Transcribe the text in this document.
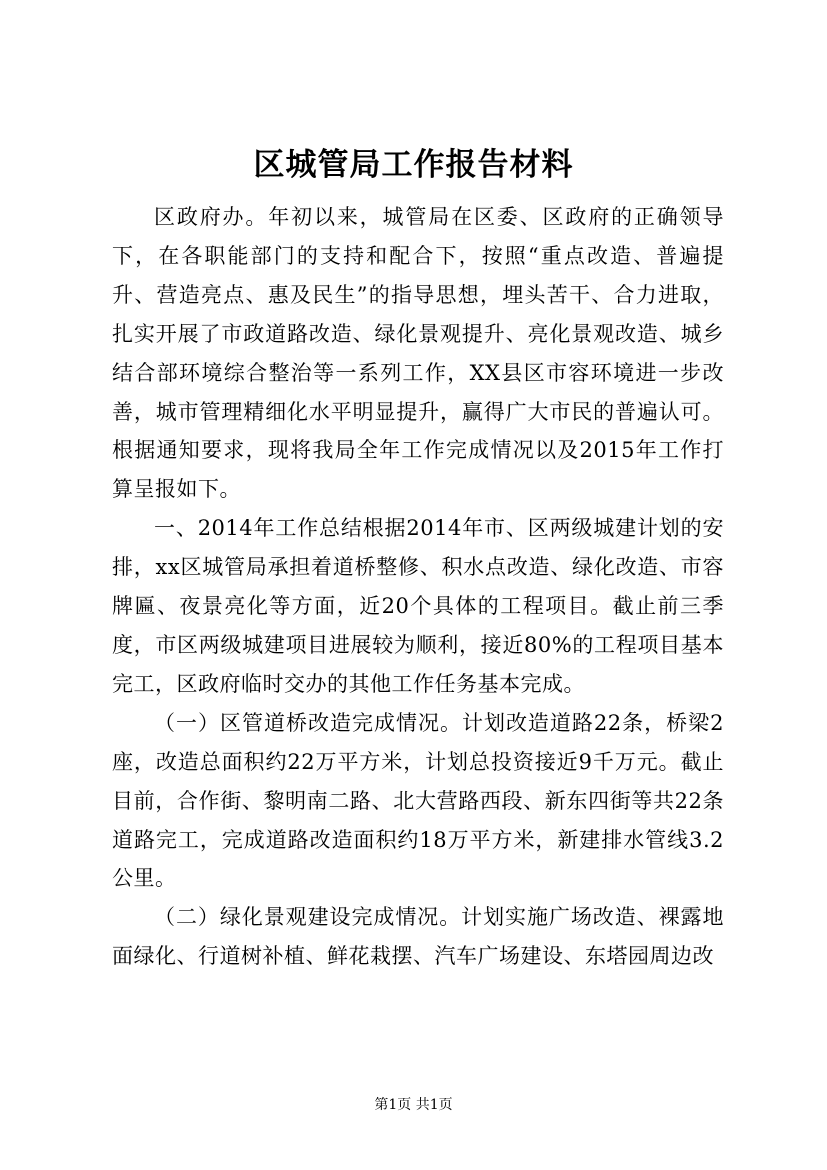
区城管局工作报告材料

区政府办。年初以来，城管局在区委、区政府的正确领导下，在各职能部门的支持和配合下，按照“重点改造、普遍提升、营造亮点、惠及民生”的指导思想，埋头苦干、合力进取，扎实开展了市政道路改造、绿化景观提升、亮化景观改造、城乡结合部环境综合整治等一系列工作，XX县区市容环境进一步改善，城市管理精细化水平明显提升，赢得广大市民的普遍认可。根据通知要求，现将我局全年工作完成情况以及2015年工作打算呈报如下。

一、2014年工作总结根据2014年市、区两级城建计划的安排，xx区城管局承担着道桥整修、积水点改造、绿化改造、市容牌匾、夜景亮化等方面，近20个具体的工程项目。截止前三季度，市区两级城建项目进展较为顺利，接近80%的工程项目基本完工，区政府临时交办的其他工作任务基本完成。

（一）区管道桥改造完成情况。计划改造道路22条，桥梁2座，改造总面积约22万平方米，计划总投资接近9千万元。截止目前，合作街、黎明南二路、北大营路西段、新东四街等共22条道路完工，完成道路改造面积约18万平方米，新建排水管线3.2公里。

（二）绿化景观建设完成情况。计划实施广场改造、裸露地面绿化、行道树补植、鲜花栽摆、汽车广场建设、东塔园周边改

第1页 共1页
